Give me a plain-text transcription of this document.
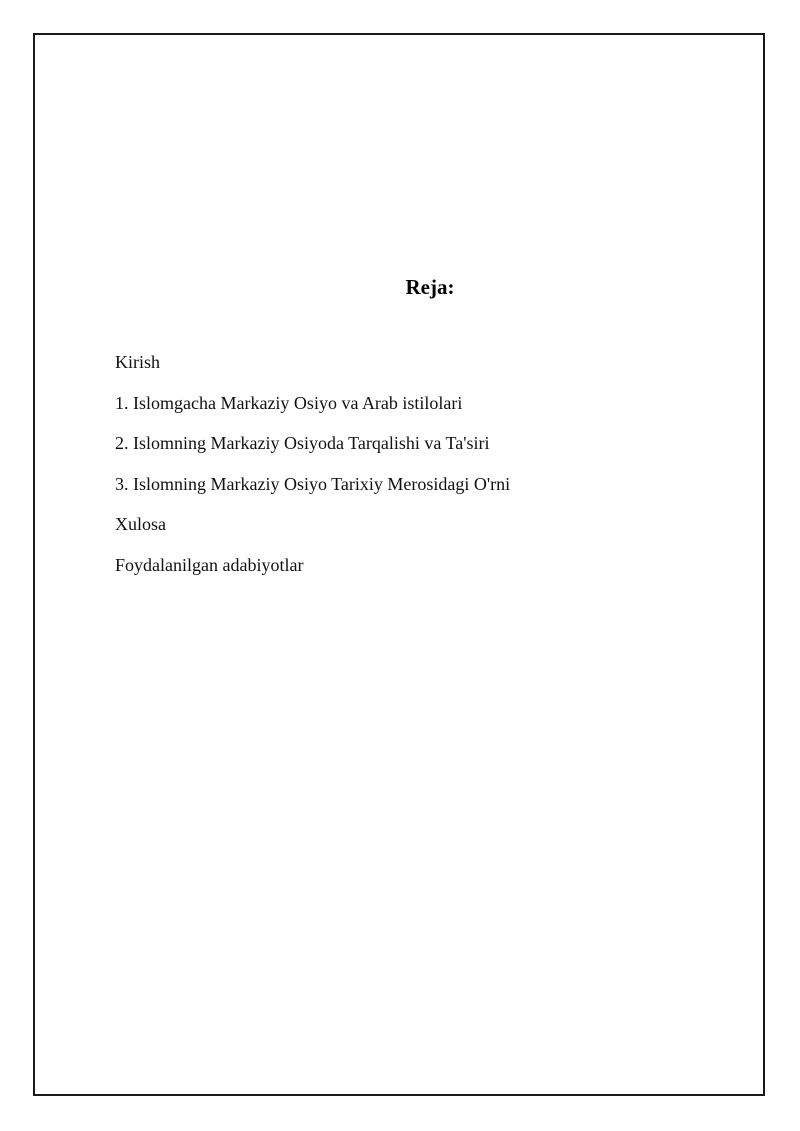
Reja:
Kirish
1. Islomgacha Markaziy Osiyo va Arab istilolari
2. Islomning Markaziy Osiyoda Tarqalishi va Ta'siri
3. Islomning Markaziy Osiyo Tarixiy Merosidagi O'rni
Xulosa
Foydalanilgan adabiyotlar
